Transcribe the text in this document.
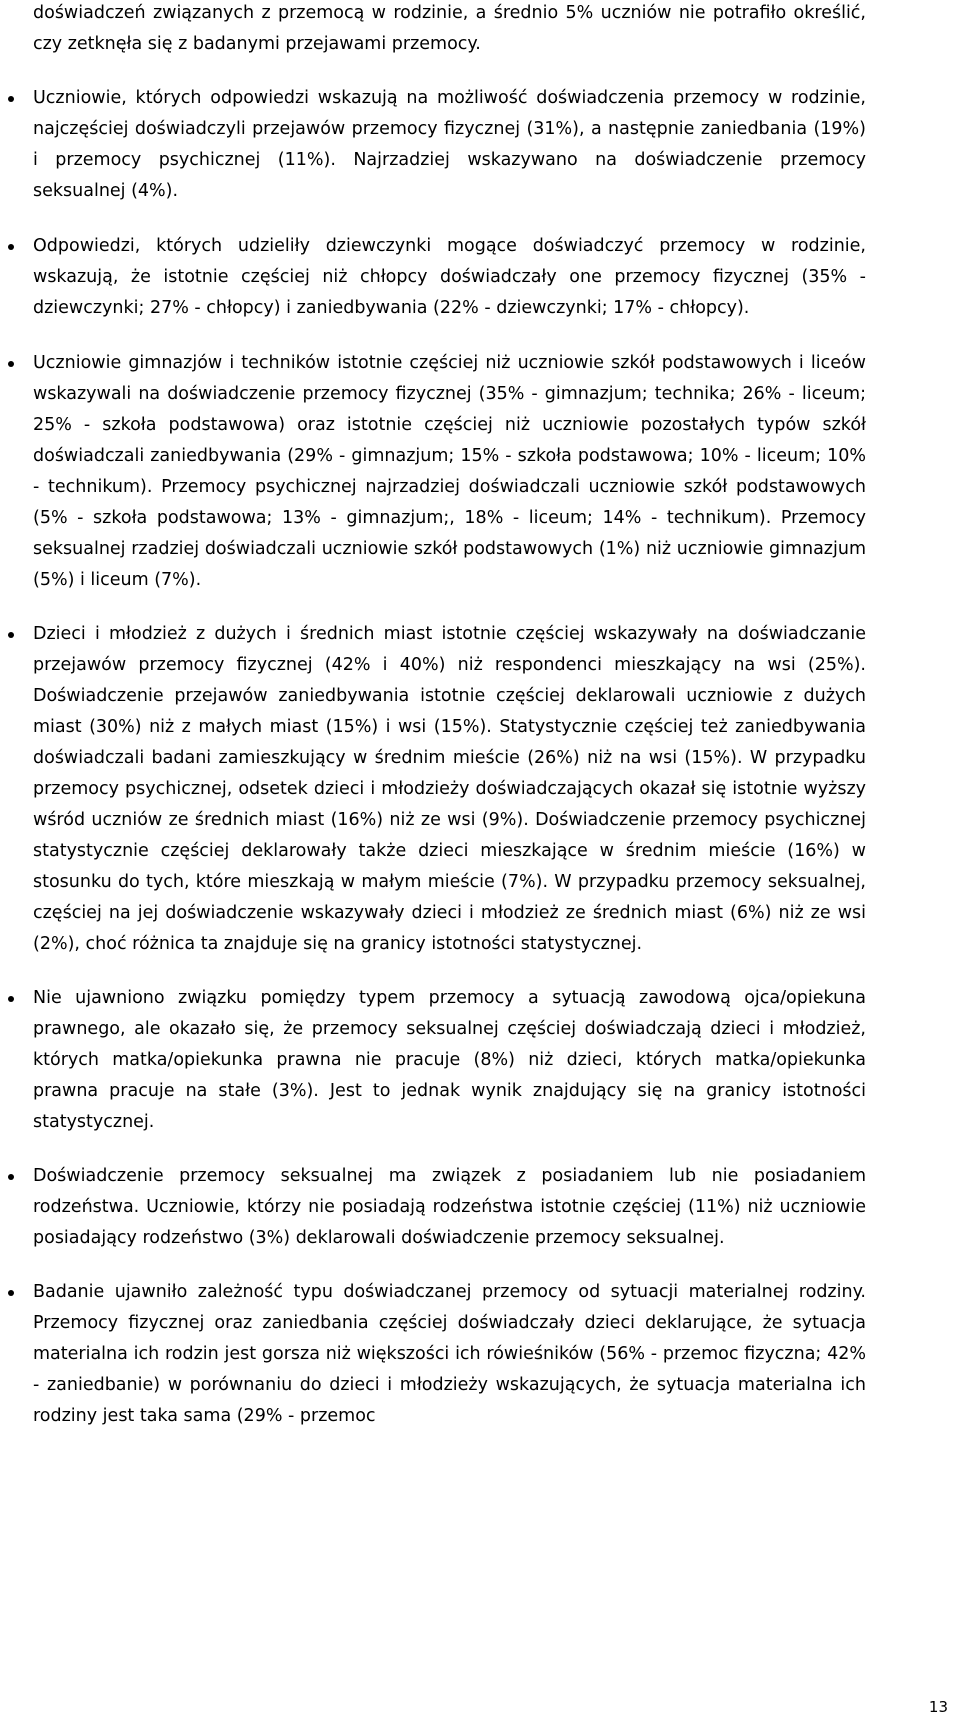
doświadczeń związanych z przemocą w rodzinie, a średnio 5% uczniów nie potrafiło określić, czy zetknęła się z badanymi przejawami przemocy.

Uczniowie, których odpowiedzi wskazują na możliwość doświadczenia przemocy w rodzinie, najczęściej doświadczyli przejawów przemocy fizycznej (31%), a następnie zaniedbania (19%) i przemocy psychicznej (11%). Najrzadziej wskazywano na doświadczenie przemocy seksualnej (4%).

Odpowiedzi, których udzieliły dziewczynki mogące doświadczyć przemocy w rodzinie, wskazują, że istotnie częściej niż chłopcy doświadczały one przemocy fizycznej (35% - dziewczynki; 27% - chłopcy) i zaniedbywania (22% - dziewczynki; 17% - chłopcy).

Uczniowie gimnazjów i techników istotnie częściej niż uczniowie szkół podstawowych i liceów wskazywali na doświadczenie przemocy fizycznej (35% - gimnazjum; technika; 26% - liceum; 25% - szkoła podstawowa) oraz istotnie częściej niż uczniowie pozostałych typów szkół doświadczali zaniedbywania (29% - gimnazjum; 15% - szkoła podstawowa; 10% - liceum; 10% - technikum). Przemocy psychicznej najrzadziej doświadczali uczniowie szkół podstawowych (5% - szkoła podstawowa; 13% - gimnazjum;, 18% - liceum; 14% - technikum). Przemocy seksualnej rzadziej doświadczali uczniowie szkół podstawowych (1%) niż uczniowie gimnazjum (5%) i liceum (7%).

Dzieci i młodzież z dużych i średnich miast istotnie częściej wskazywały na doświadczanie przejawów przemocy fizycznej (42% i 40%) niż respondenci mieszkający na wsi (25%). Doświadczenie przejawów zaniedbywania istotnie częściej deklarowali uczniowie z dużych miast (30%) niż z małych miast (15%) i wsi (15%). Statystycznie częściej też zaniedbywania doświadczali badani zamieszkujący w średnim mieście (26%) niż na wsi (15%). W przypadku przemocy psychicznej, odsetek dzieci i młodzieży doświadczających okazał się istotnie wyższy wśród uczniów ze średnich miast (16%) niż ze wsi (9%). Doświadczenie przemocy psychicznej statystycznie częściej deklarowały także dzieci mieszkające w średnim mieście (16%) w stosunku do tych, które mieszkają w małym mieście (7%). W przypadku przemocy seksualnej, częściej na jej doświadczenie wskazywały dzieci i młodzież ze średnich miast (6%) niż ze wsi (2%), choć różnica ta znajduje się na granicy istotności statystycznej.

Nie ujawniono związku pomiędzy typem przemocy a sytuacją zawodową ojca/opiekuna prawnego, ale okazało się, że przemocy seksualnej częściej doświadczają dzieci i młodzież, których matka/opiekunka prawna nie pracuje (8%) niż dzieci, których matka/opiekunka prawna pracuje na stałe (3%). Jest to jednak wynik znajdujący się na granicy istotności statystycznej.

Doświadczenie przemocy seksualnej ma związek z posiadaniem lub nie posiadaniem rodzeństwa. Uczniowie, którzy nie posiadają rodzeństwa istotnie częściej (11%) niż uczniowie posiadający rodzeństwo (3%) deklarowali doświadczenie przemocy seksualnej.

Badanie ujawniło zależność typu doświadczanej przemocy od sytuacji materialnej rodziny. Przemocy fizycznej oraz zaniedbania częściej doświadczały dzieci deklarujące, że sytuacja materialna ich rodzin jest gorsza niż większości ich rówieśników (56% - przemoc fizyczna; 42% - zaniedbanie) w porównaniu do dzieci i młodzieży wskazujących, że sytuacja materialna ich rodziny jest taka sama (29% - przemoc

13
